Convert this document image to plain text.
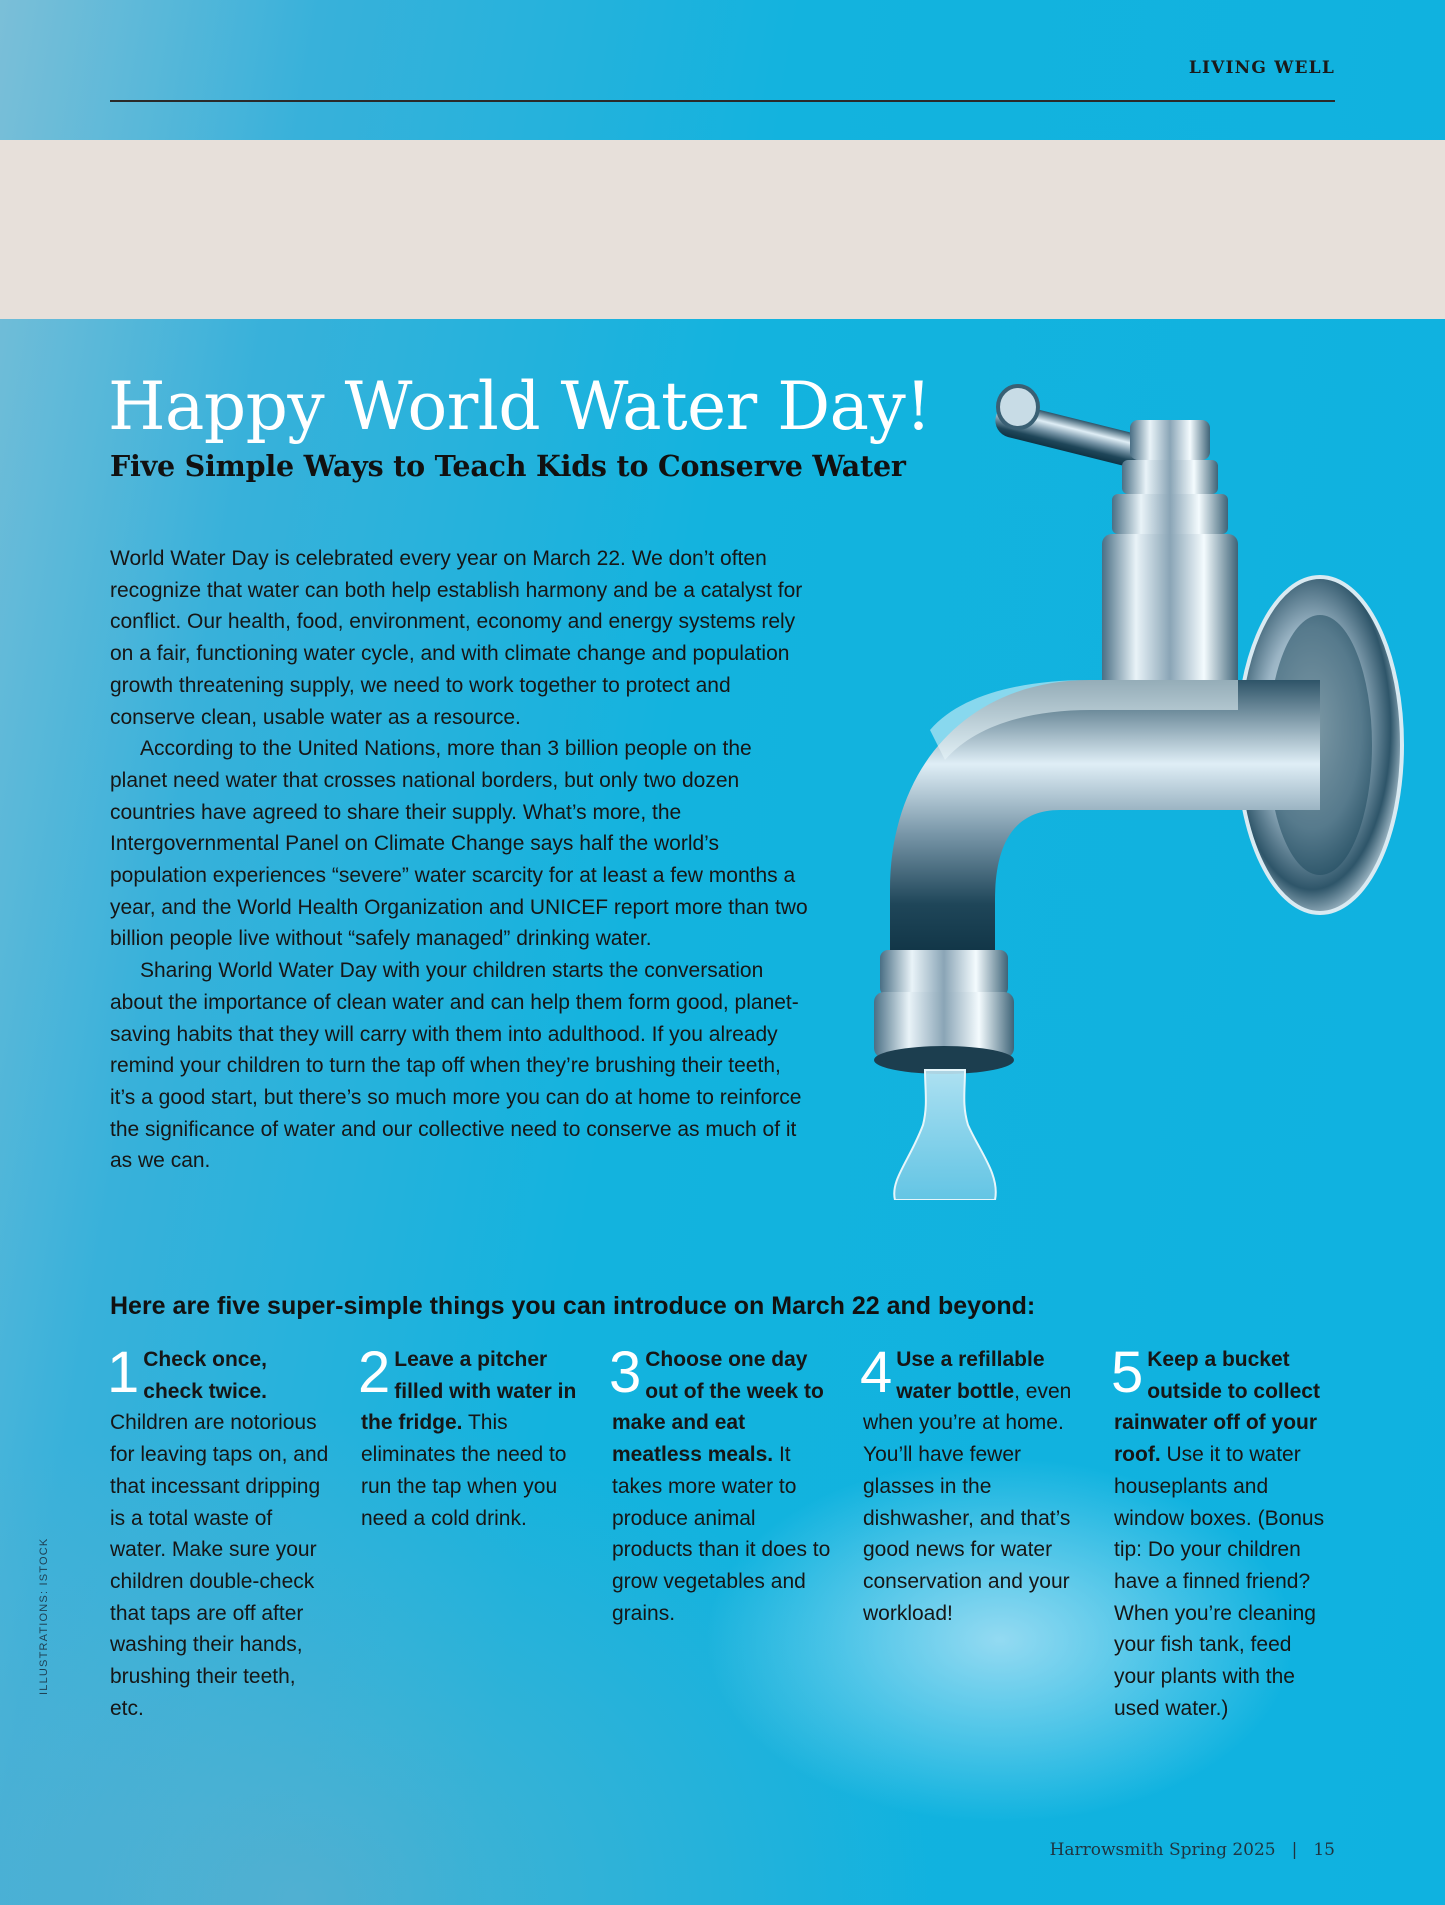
LIVING WELL
Happy World Water Day!
Five Simple Ways to Teach Kids to Conserve Water

World Water Day is celebrated every year on March 22. We don’t often recognize that water can both help establish harmony and be a catalyst for conflict. Our health, food, environment, economy and energy systems rely on a fair, functioning water cycle, and with climate change and population growth threatening supply, we need to work together to protect and conserve clean, usable water as a resource.

According to the United Nations, more than 3 billion people on the planet need water that crosses national borders, but only two dozen countries have agreed to share their supply. What’s more, the Intergovernmental Panel on Climate Change says half the world’s population experiences “severe” water scarcity for at least a few months a year, and the World Health Organization and UNICEF report more than two billion people live without “safely managed” drinking water.

Sharing World Water Day with your children starts the conversation about the importance of clean water and can help them form good, planet-saving habits that they will carry with them into adulthood. If you already remind your children to turn the tap off when they’re brushing their teeth, it’s a good start, but there’s so much more you can do at home to reinforce the significance of water and our collective need to conserve as much of it as we can.

Here are five super-simple things you can introduce on March 22 and beyond:
1 Check once, check twice. Children are notorious for leaving taps on, and that incessant dripping is a total waste of water. Make sure your children double-check that taps are off after washing their hands, brushing their teeth, etc.
2 Leave a pitcher filled with water in the fridge. This eliminates the need to run the tap when you need a cold drink.
3 Choose one day out of the week to make and eat meatless meals. It takes more water to produce animal products than it does to grow vegetables and grains.
4 Use a refillable water bottle, even when you’re at home. You’ll have fewer glasses in the dishwasher, and that’s good news for water conservation and your workload!
5 Keep a bucket outside to collect rainwater off of your roof. Use it to water houseplants and window boxes. (Bonus tip: Do your children have a finned friend? When you’re cleaning your fish tank, feed your plants with the used water.)
ILLUSTRATIONS: ISTOCK
Harrowsmith Spring 2025 | 15
